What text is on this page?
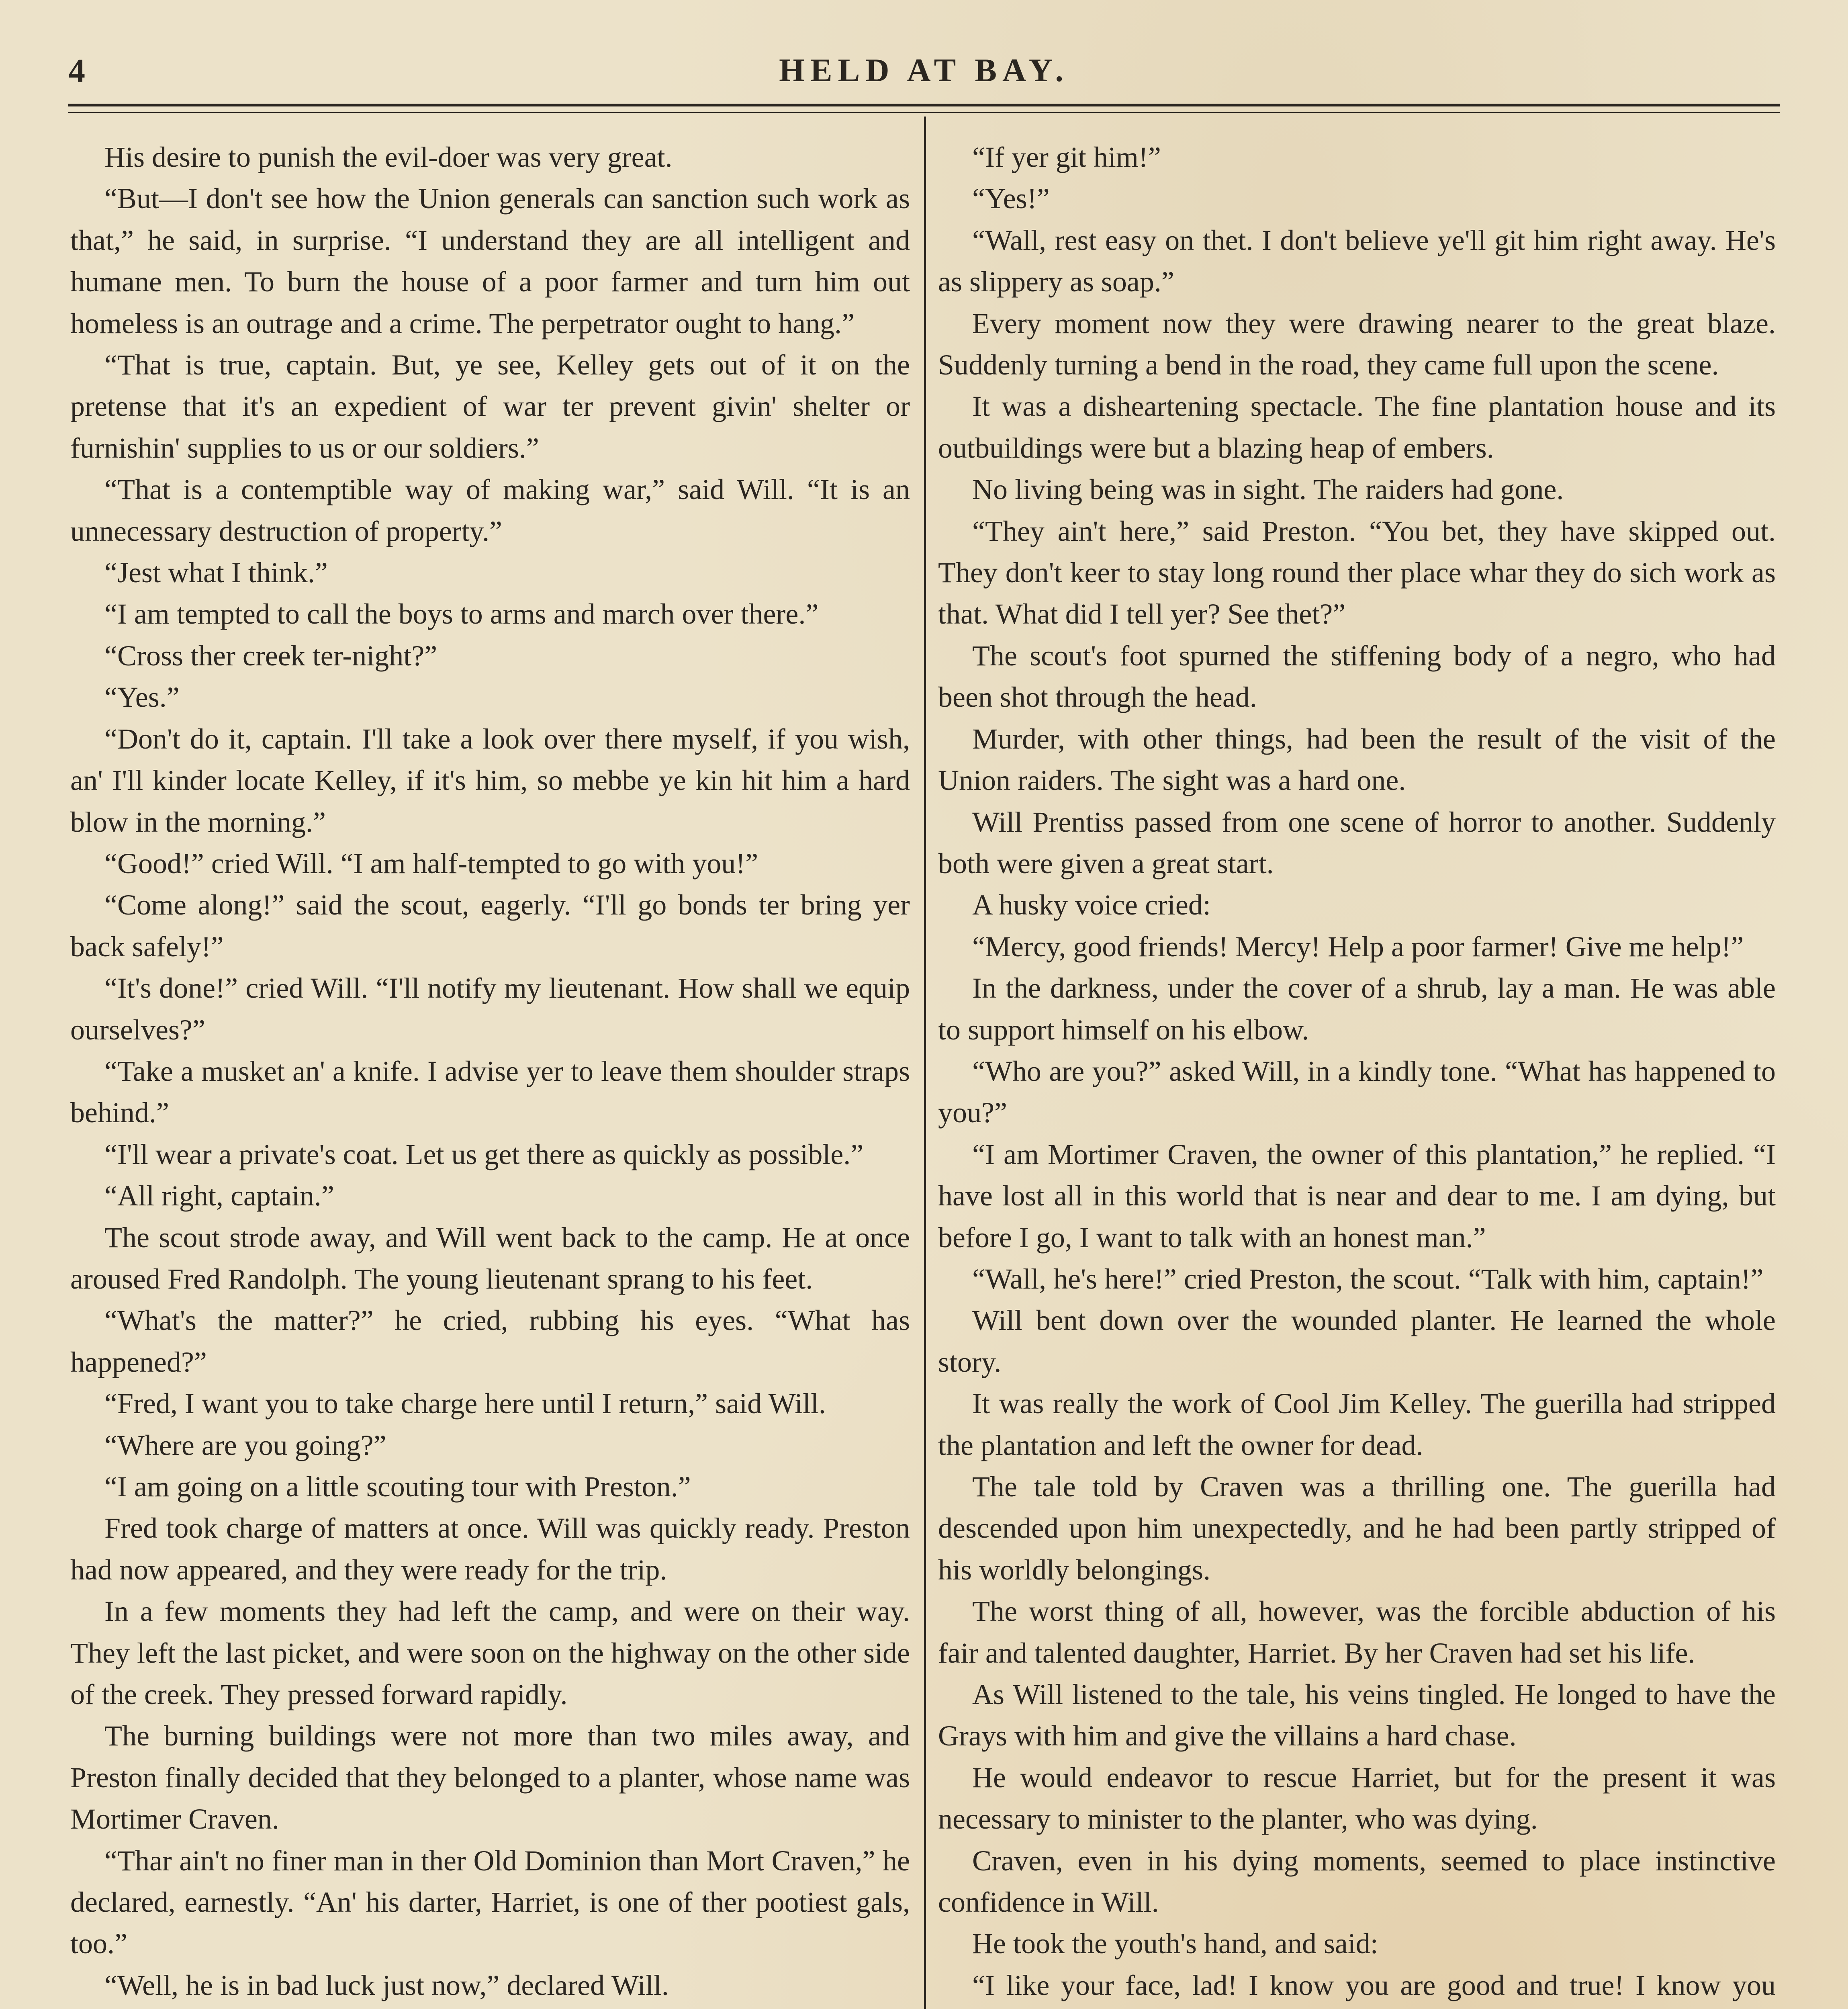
4	HELD AT BAY.

His desire to punish the evil-doer was very great.

“But—I don't see how the Union generals can sanction such work as that,” he said, in surprise. “I understand they are all intelligent and humane men. To burn the house of a poor farmer and turn him out homeless is an outrage and a crime. The perpetrator ought to hang.”

“That is true, captain. But, ye see, Kelley gets out of it on the pretense that it's an expedient of war ter prevent givin' shelter or furnishin' supplies to us or our soldiers.”

“That is a contemptible way of making war,” said Will. “It is an unnecessary destruction of property.”

“Jest what I think.”

“I am tempted to call the boys to arms and march over there.”

“Cross ther creek ter-night?”

“Yes.”

“Don't do it, captain. I'll take a look over there myself, if you wish, an' I'll kinder locate Kelley, if it's him, so mebbe ye kin hit him a hard blow in the morning.”

“Good!” cried Will. “I am half-tempted to go with you!”

“Come along!” said the scout, eagerly. “I'll go bonds ter bring yer back safely!”

“It's done!” cried Will. “I'll notify my lieutenant. How shall we equip ourselves?”

“Take a musket an' a knife. I advise yer to leave them shoulder straps behind.”

“I'll wear a private's coat. Let us get there as quickly as possible.”

“All right, captain.”

The scout strode away, and Will went back to the camp. He at once aroused Fred Randolph. The young lieutenant sprang to his feet.

“What's the matter?” he cried, rubbing his eyes. “What has happened?”

“Fred, I want you to take charge here until I return,” said Will.

“Where are you going?”

“I am going on a little scouting tour with Preston.”

Fred took charge of matters at once. Will was quickly ready. Preston had now appeared, and they were ready for the trip.

In a few moments they had left the camp, and were on their way. They left the last picket, and were soon on the highway on the other side of the creek. They pressed forward rapidly.

The burning buildings were not more than two miles away, and Preston finally decided that they belonged to a planter, whose name was Mortimer Craven.

“Thar ain't no finer man in ther Old Dominion than Mort Craven,” he declared, earnestly. “An' his darter, Harriet, is one of ther pootiest gals, too.”

“Well, he is in bad luck just now,” declared Will.

“If yer git him!”

“Yes!”

“Wall, rest easy on thet. I don't believe ye'll git him right away. He's as slippery as soap.”

Every moment now they were drawing nearer to the great blaze. Suddenly turning a bend in the road, they came full upon the scene.

It was a disheartening spectacle. The fine plantation house and its outbuildings were but a blazing heap of embers.

No living being was in sight. The raiders had gone.

“They ain't here,” said Preston. “You bet, they have skipped out. They don't keer to stay long round ther place whar they do sich work as that. What did I tell yer? See thet?”

The scout's foot spurned the stiffening body of a negro, who had been shot through the head.

Murder, with other things, had been the result of the visit of the Union raiders. The sight was a hard one.

Will Prentiss passed from one scene of horror to another. Suddenly both were given a great start.

A husky voice cried:

“Mercy, good friends! Mercy! Help a poor farmer! Give me help!”

In the darkness, under the cover of a shrub, lay a man. He was able to support himself on his elbow.

“Who are you?” asked Will, in a kindly tone. “What has happened to you?”

“I am Mortimer Craven, the owner of this plantation,” he replied. “I have lost all in this world that is near and dear to me. I am dying, but before I go, I want to talk with an honest man.”

“Wall, he's here!” cried Preston, the scout. “Talk with him, captain!”

Will bent down over the wounded planter. He learned the whole story.

It was really the work of Cool Jim Kelley. The guerilla had stripped the plantation and left the owner for dead.

The tale told by Craven was a thrilling one. The guerilla had descended upon him unexpectedly, and he had been partly stripped of his worldly belongings.

The worst thing of all, however, was the forcible abduction of his fair and talented daughter, Harriet. By her Craven had set his life.

As Will listened to the tale, his veins tingled. He longed to have the Grays with him and give the villains a hard chase.

He would endeavor to rescue Harriet, but for the present it was necessary to minister to the planter, who was dying.

Craven, even in his dying moments, seemed to place instinctive confidence in Will.

He took the youth's hand, and said:

“I like your face, lad! I know you are good and true! I know you
